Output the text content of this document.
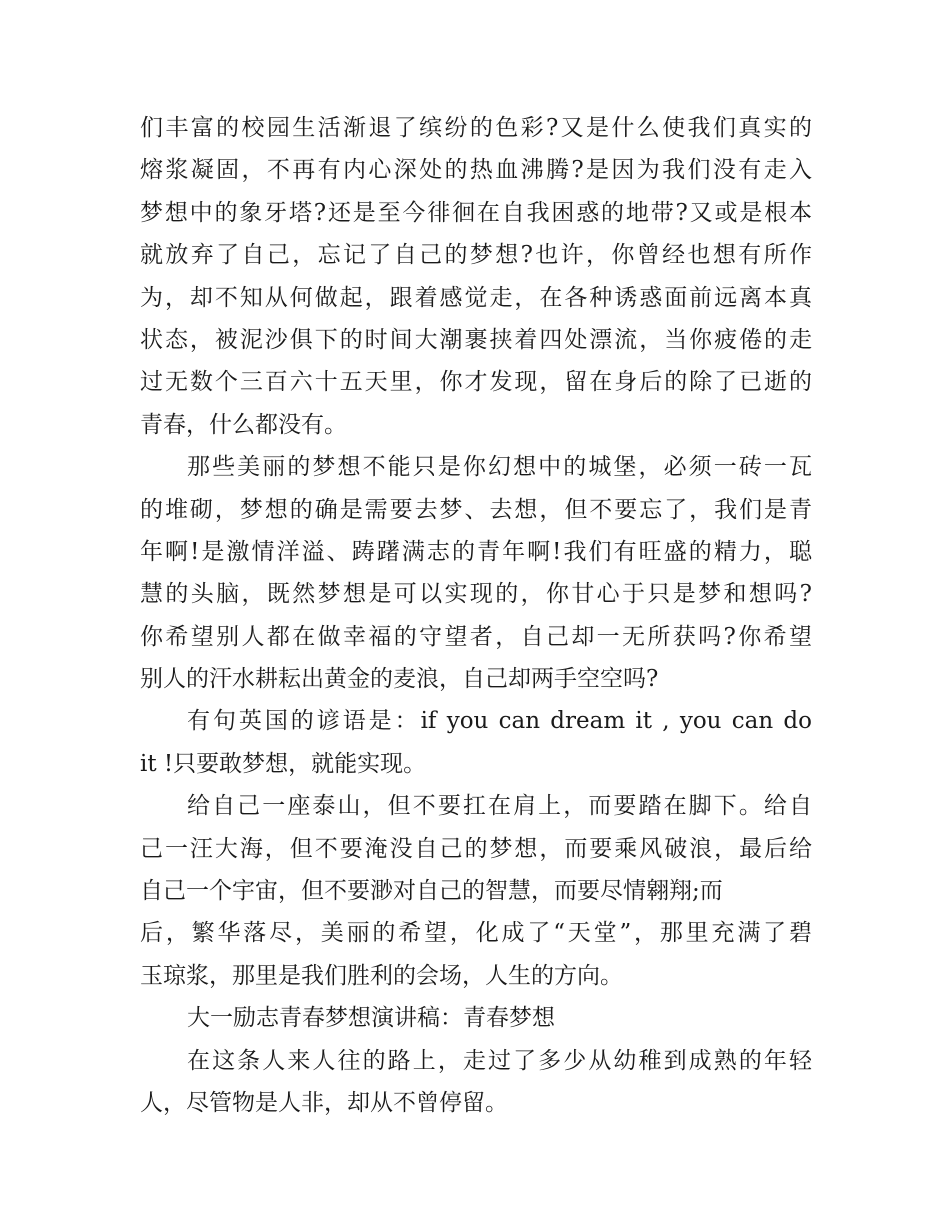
们丰富的校园生活渐退了缤纷的色彩?又是什么使我们真实的
熔浆凝固，不再有内心深处的热血沸腾?是因为我们没有走入
梦想中的象牙塔?还是至今徘徊在自我困惑的地带?又或是根本
就放弃了自己，忘记了自己的梦想?也许，你曾经也想有所作
为，却不知从何做起，跟着感觉走，在各种诱惑面前远离本真
状态，被泥沙俱下的时间大潮裹挟着四处漂流，当你疲倦的走
过无数个三百六十五天里，你才发现，留在身后的除了已逝的
青春，什么都没有。
那些美丽的梦想不能只是你幻想中的城堡，必须一砖一瓦
的堆砌，梦想的确是需要去梦、去想，但不要忘了，我们是青
年啊!是激情洋溢、踌躇满志的青年啊!我们有旺盛的精力，聪
慧的头脑，既然梦想是可以实现的，你甘心于只是梦和想吗?
你希望别人都在做幸福的守望者，自己却一无所获吗?你希望
别人的汗水耕耘出黄金的麦浪，自己却两手空空吗?
有句英国的谚语是：if you can dream it , you can do
it !只要敢梦想，就能实现。
给自己一座泰山，但不要扛在肩上，而要踏在脚下。给自
己一汪大海，但不要淹没自己的梦想，而要乘风破浪，最后给
自己一个宇宙，但不要渺对自己的智慧，而要尽情翱翔;而
后，繁华落尽，美丽的希望，化成了“天堂”，那里充满了碧
玉琼浆，那里是我们胜利的会场，人生的方向。
大一励志青春梦想演讲稿：青春梦想
在这条人来人往的路上，走过了多少从幼稚到成熟的年轻
人，尽管物是人非，却从不曾停留。
